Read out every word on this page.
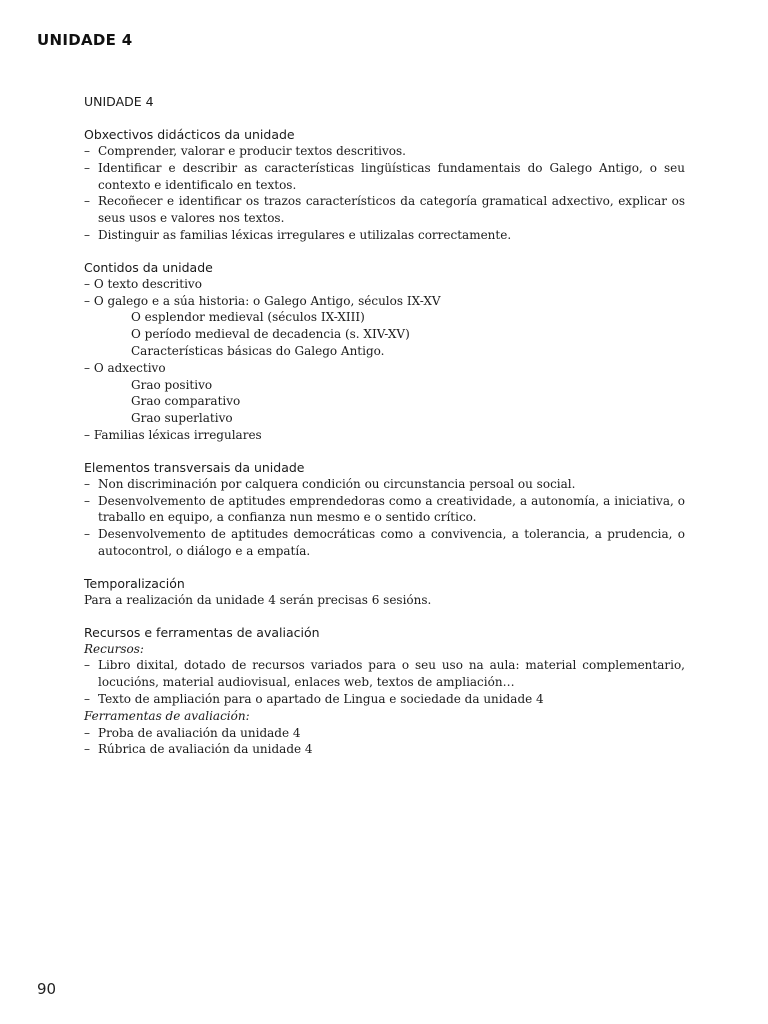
UNIDADE 4
UNIDADE 4
Obxectivos didácticos da unidade
– Comprender, valorar e producir textos descritivos.
– Identificar e describir as características lingüísticas fundamentais do Galego Antigo, o seu contexto e identificalo en textos.
– Recoñecer e identificar os trazos característicos da categoría gramatical adxectivo, explicar os seus usos e valores nos textos.
– Distinguir as familias léxicas irregulares e utilizalas correctamente.
Contidos da unidade
– O texto descritivo
– O galego e a súa historia: o Galego Antigo, séculos IX-XV
O esplendor medieval (séculos IX-XIII)
O período medieval de decadencia (s. XIV-XV)
Características básicas do Galego Antigo.
– O adxectivo
Grao positivo
Grao comparativo
Grao superlativo
– Familias léxicas irregulares
Elementos transversais da unidade
– Non discriminación por calquera condición ou circunstancia persoal ou social.
– Desenvolvemento de aptitudes emprendedoras como a creatividade, a autonomía, a iniciativa, o traballo en equipo, a confianza nun mesmo e o sentido crítico.
– Desenvolvemento de aptitudes democráticas como a convivencia, a tolerancia, a prudencia, o autocontrol, o diálogo e a empatía.
Temporalización
Para a realización da unidade 4 serán precisas 6 sesións.
Recursos e ferramentas de avaliación
Recursos:
– Libro dixital, dotado de recursos variados para o seu uso na aula: material complementario, locucións, material audiovisual, enlaces web, textos de ampliación…
– Texto de ampliación para o apartado de Lingua e sociedade da unidade 4
Ferramentas de avaliación:
– Proba de avaliación da unidade 4
– Rúbrica de avaliación da unidade 4
90
